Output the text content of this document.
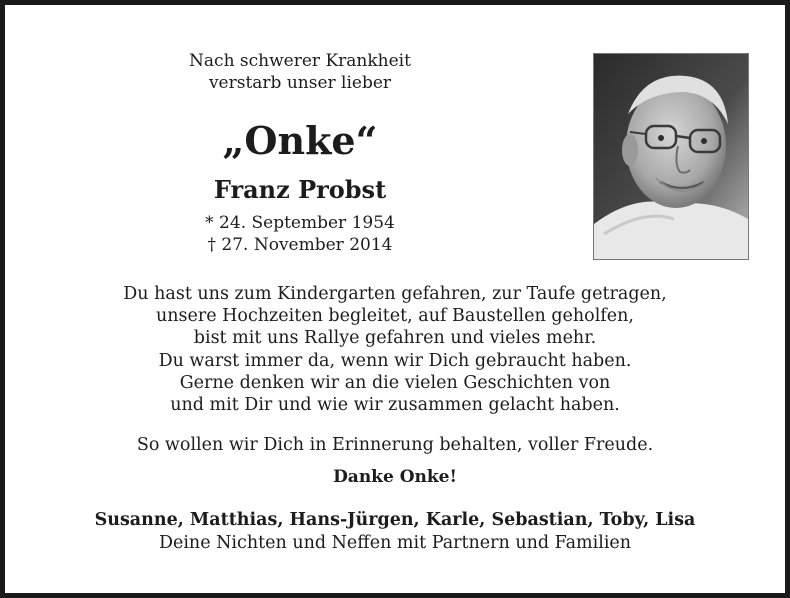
Nach schwerer Krankheit
verstarb unser lieber
„Onke“
Franz Probst
* 24. September 1954
† 27. November 2014
Du hast uns zum Kindergarten gefahren, zur Taufe getragen,
unsere Hochzeiten begleitet, auf Baustellen geholfen,
bist mit uns Rallye gefahren und vieles mehr.
Du warst immer da, wenn wir Dich gebraucht haben.
Gerne denken wir an die vielen Geschichten von
und mit Dir und wie wir zusammen gelacht haben.
So wollen wir Dich in Erinnerung behalten, voller Freude.
Danke Onke!
Susanne, Matthias, Hans-Jürgen, Karle, Sebastian, Toby, Lisa
Deine Nichten und Neffen mit Partnern und Familien
